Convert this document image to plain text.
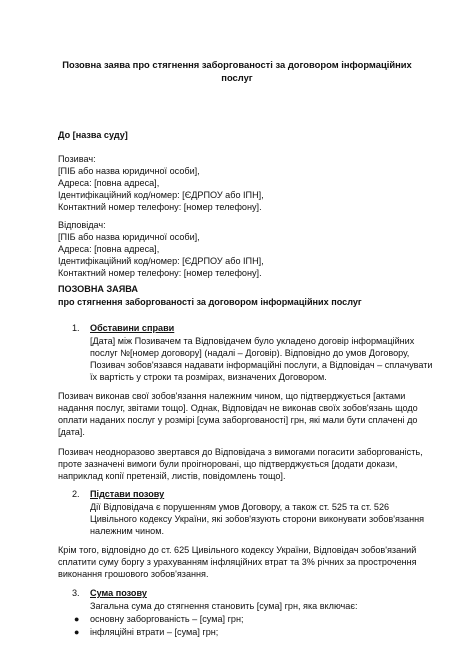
Позовна заява про стягнення заборгованості за договором інформаційних
послуг
До [назва суду]
Позивач:
[ПІБ або назва юридичної особи],
Адреса: [повна адреса],
Ідентифікаційний код/номер: [ЄДРПОУ або ІПН],
Контактний номер телефону: [номер телефону].
Відповідач:
[ПІБ або назва юридичної особи],
Адреса: [повна адреса],
Ідентифікаційний код/номер: [ЄДРПОУ або ІПН],
Контактний номер телефону: [номер телефону].
ПОЗОВНА ЗАЯВА
про стягнення заборгованості за договором інформаційних послуг
1. Обставини справи
[Дата] між Позивачем та Відповідачем було укладено договір інформаційних
послуг №[номер договору] (надалі – Договір). Відповідно до умов Договору,
Позивач зобов'язався надавати інформаційні послуги, а Відповідач – сплачувати
їх вартість у строки та розмірах, визначених Договором.
Позивач виконав свої зобов'язання належним чином, що підтверджується [актами
надання послуг, звітами тощо]. Однак, Відповідач не виконав своїх зобов'язань щодо
оплати наданих послуг у розмірі [сума заборгованості] грн, які мали бути сплачені до
[дата].
Позивач неодноразово звертався до Відповідача з вимогами погасити заборгованість,
проте зазначені вимоги були проігноровані, що підтверджується [додати докази,
наприклад копії претензій, листів, повідомлень тощо].
2. Підстави позову
Дії Відповідача є порушенням умов Договору, а також ст. 525 та ст. 526
Цивільного кодексу України, які зобов'язують сторони виконувати зобов'язання
належним чином.
Крім того, відповідно до ст. 625 Цивільного кодексу України, Відповідач зобов'язаний
сплатити суму боргу з урахуванням інфляційних втрат та 3% річних за прострочення
виконання грошового зобов'язання.
3. Сума позову
Загальна сума до стягнення становить [сума] грн, яка включає:
● основну заборгованість – [сума] грн;
● інфляційні втрати – [сума] грн;
